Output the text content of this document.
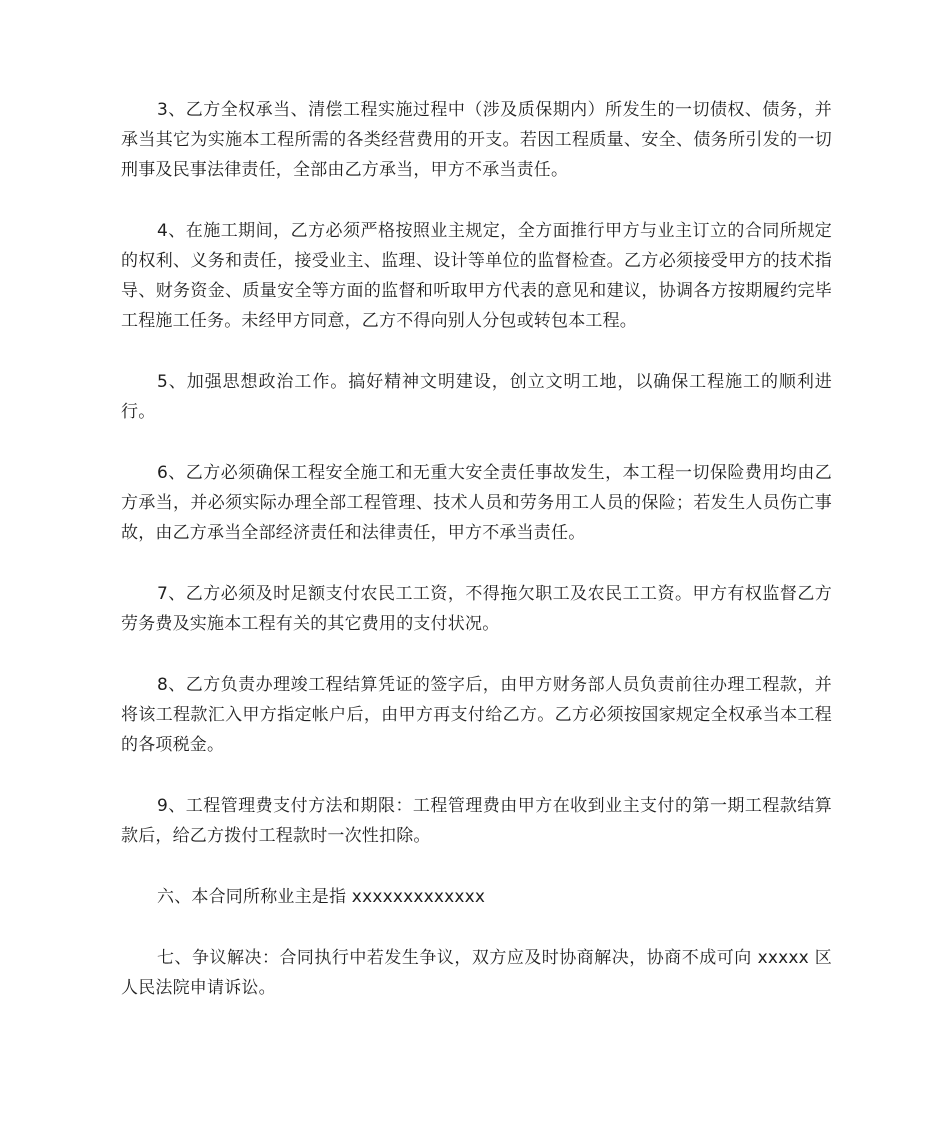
3、乙方全权承当、清偿工程实施过程中（涉及质保期内）所发生的一切债权、债务，并承当其它为实施本工程所需的各类经营费用的开支。若因工程质量、安全、债务所引发的一切刑事及民事法律责任，全部由乙方承当，甲方不承当责任。

4、在施工期间，乙方必须严格按照业主规定，全方面推行甲方与业主订立的合同所规定的权利、义务和责任，接受业主、监理、设计等单位的监督检查。乙方必须接受甲方的技术指导、财务资金、质量安全等方面的监督和听取甲方代表的意见和建议，协调各方按期履约完毕工程施工任务。未经甲方同意，乙方不得向别人分包或转包本工程。

5、加强思想政治工作。搞好精神文明建设，创立文明工地，以确保工程施工的顺利进行。

6、乙方必须确保工程安全施工和无重大安全责任事故发生，本工程一切保险费用均由乙方承当，并必须实际办理全部工程管理、技术人员和劳务用工人员的保险；若发生人员伤亡事故，由乙方承当全部经济责任和法律责任，甲方不承当责任。

7、乙方必须及时足额支付农民工工资，不得拖欠职工及农民工工资。甲方有权监督乙方劳务费及实施本工程有关的其它费用的支付状况。

8、乙方负责办理竣工程结算凭证的签字后，由甲方财务部人员负责前往办理工程款，并将该工程款汇入甲方指定帐户后，由甲方再支付给乙方。乙方必须按国家规定全权承当本工程的各项税金。

9、工程管理费支付方法和期限：工程管理费由甲方在收到业主支付的第一期工程款结算款后，给乙方拨付工程款时一次性扣除。

六、本合同所称业主是指 xxxxxxxxxxxxx

七、争议解决：合同执行中若发生争议，双方应及时协商解决，协商不成可向 xxxxx 区人民法院申请诉讼。
